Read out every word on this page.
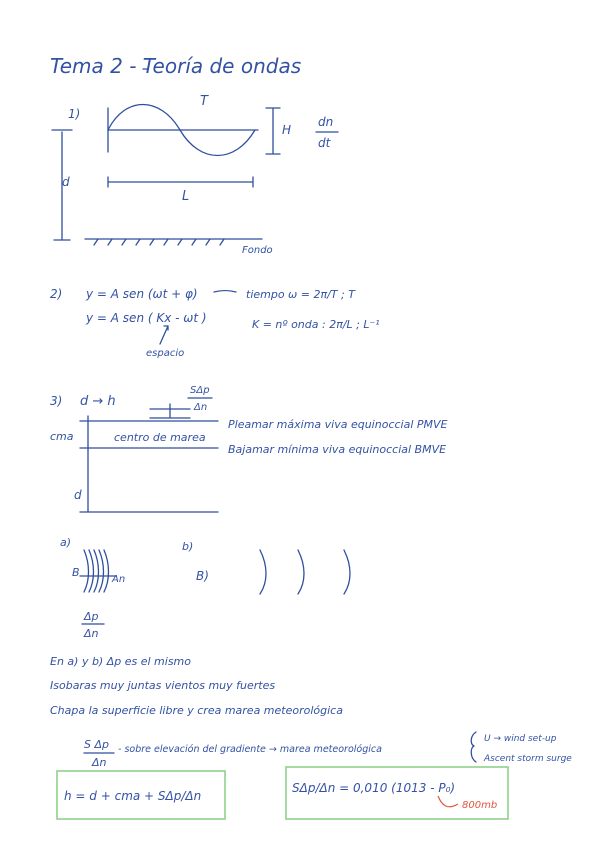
Tema 2 - Teoría de ondas
1)
d
T
H
dn
dt
L
Fondo
2) y = A sen (ωt + φ)
y = A sen ( Kx - ωt )
tiempo ω = 2π/T ; T
K = nº onda : 2π/L ; L⁻¹
espacio
3) d → h
SΔp
Δn
cma	centro de marea
Pleamar máxima viva equinoccial PMVE
Bajamar mínima viva equinoccial BMVE
d
a)
B
An
b)
B)
Δp
Δn
En a) y b) Δp es el mismo
Isobaras muy juntas vientos muy fuertes
Chapa la superficie libre y crea marea meteorológica
S Δp
Δn
- sobre elevación del gradiente → marea meteorológica
U → wind set-up
Ascent storm surge
h = d + cma + SΔp/Δn
SΔp/Δn = 0,010 (1013 - P₀)
800mb
